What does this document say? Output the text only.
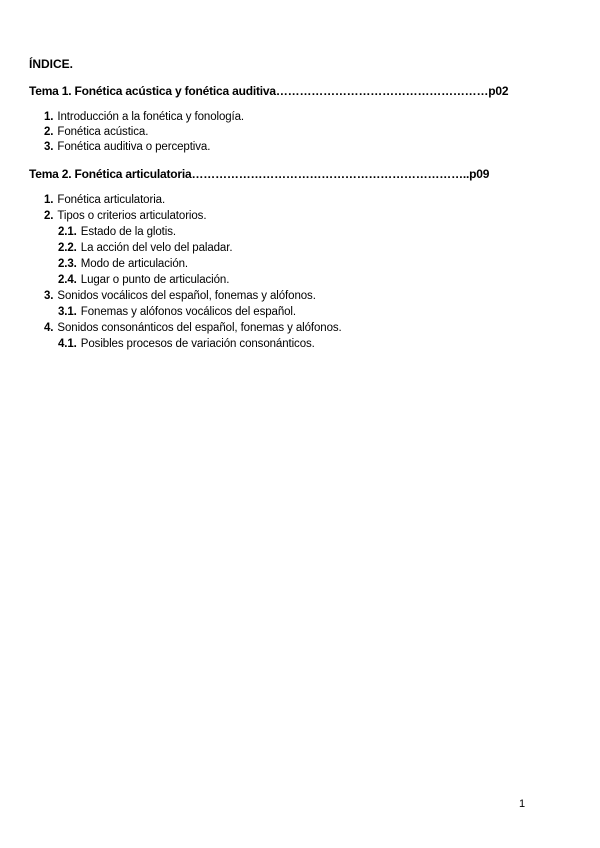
ÍNDICE.
Tema 1. Fonética acústica y fonética auditiva………………………………………………p02
1. Introducción a la fonética y fonología.
2. Fonética acústica.
3. Fonética auditiva o perceptiva.
Tema 2. Fonética articulatoria……………………………………………………………..p09
1. Fonética articulatoria.
2. Tipos o criterios articulatorios.
2.1. Estado de la glotis.
2.2. La acción del velo del paladar.
2.3. Modo de articulación.
2.4. Lugar o punto de articulación.
3. Sonidos vocálicos del español, fonemas y alófonos.
3.1. Fonemas y alófonos vocálicos del español.
4. Sonidos consonánticos del español, fonemas y alófonos.
4.1. Posibles procesos de variación consonánticos.
1
